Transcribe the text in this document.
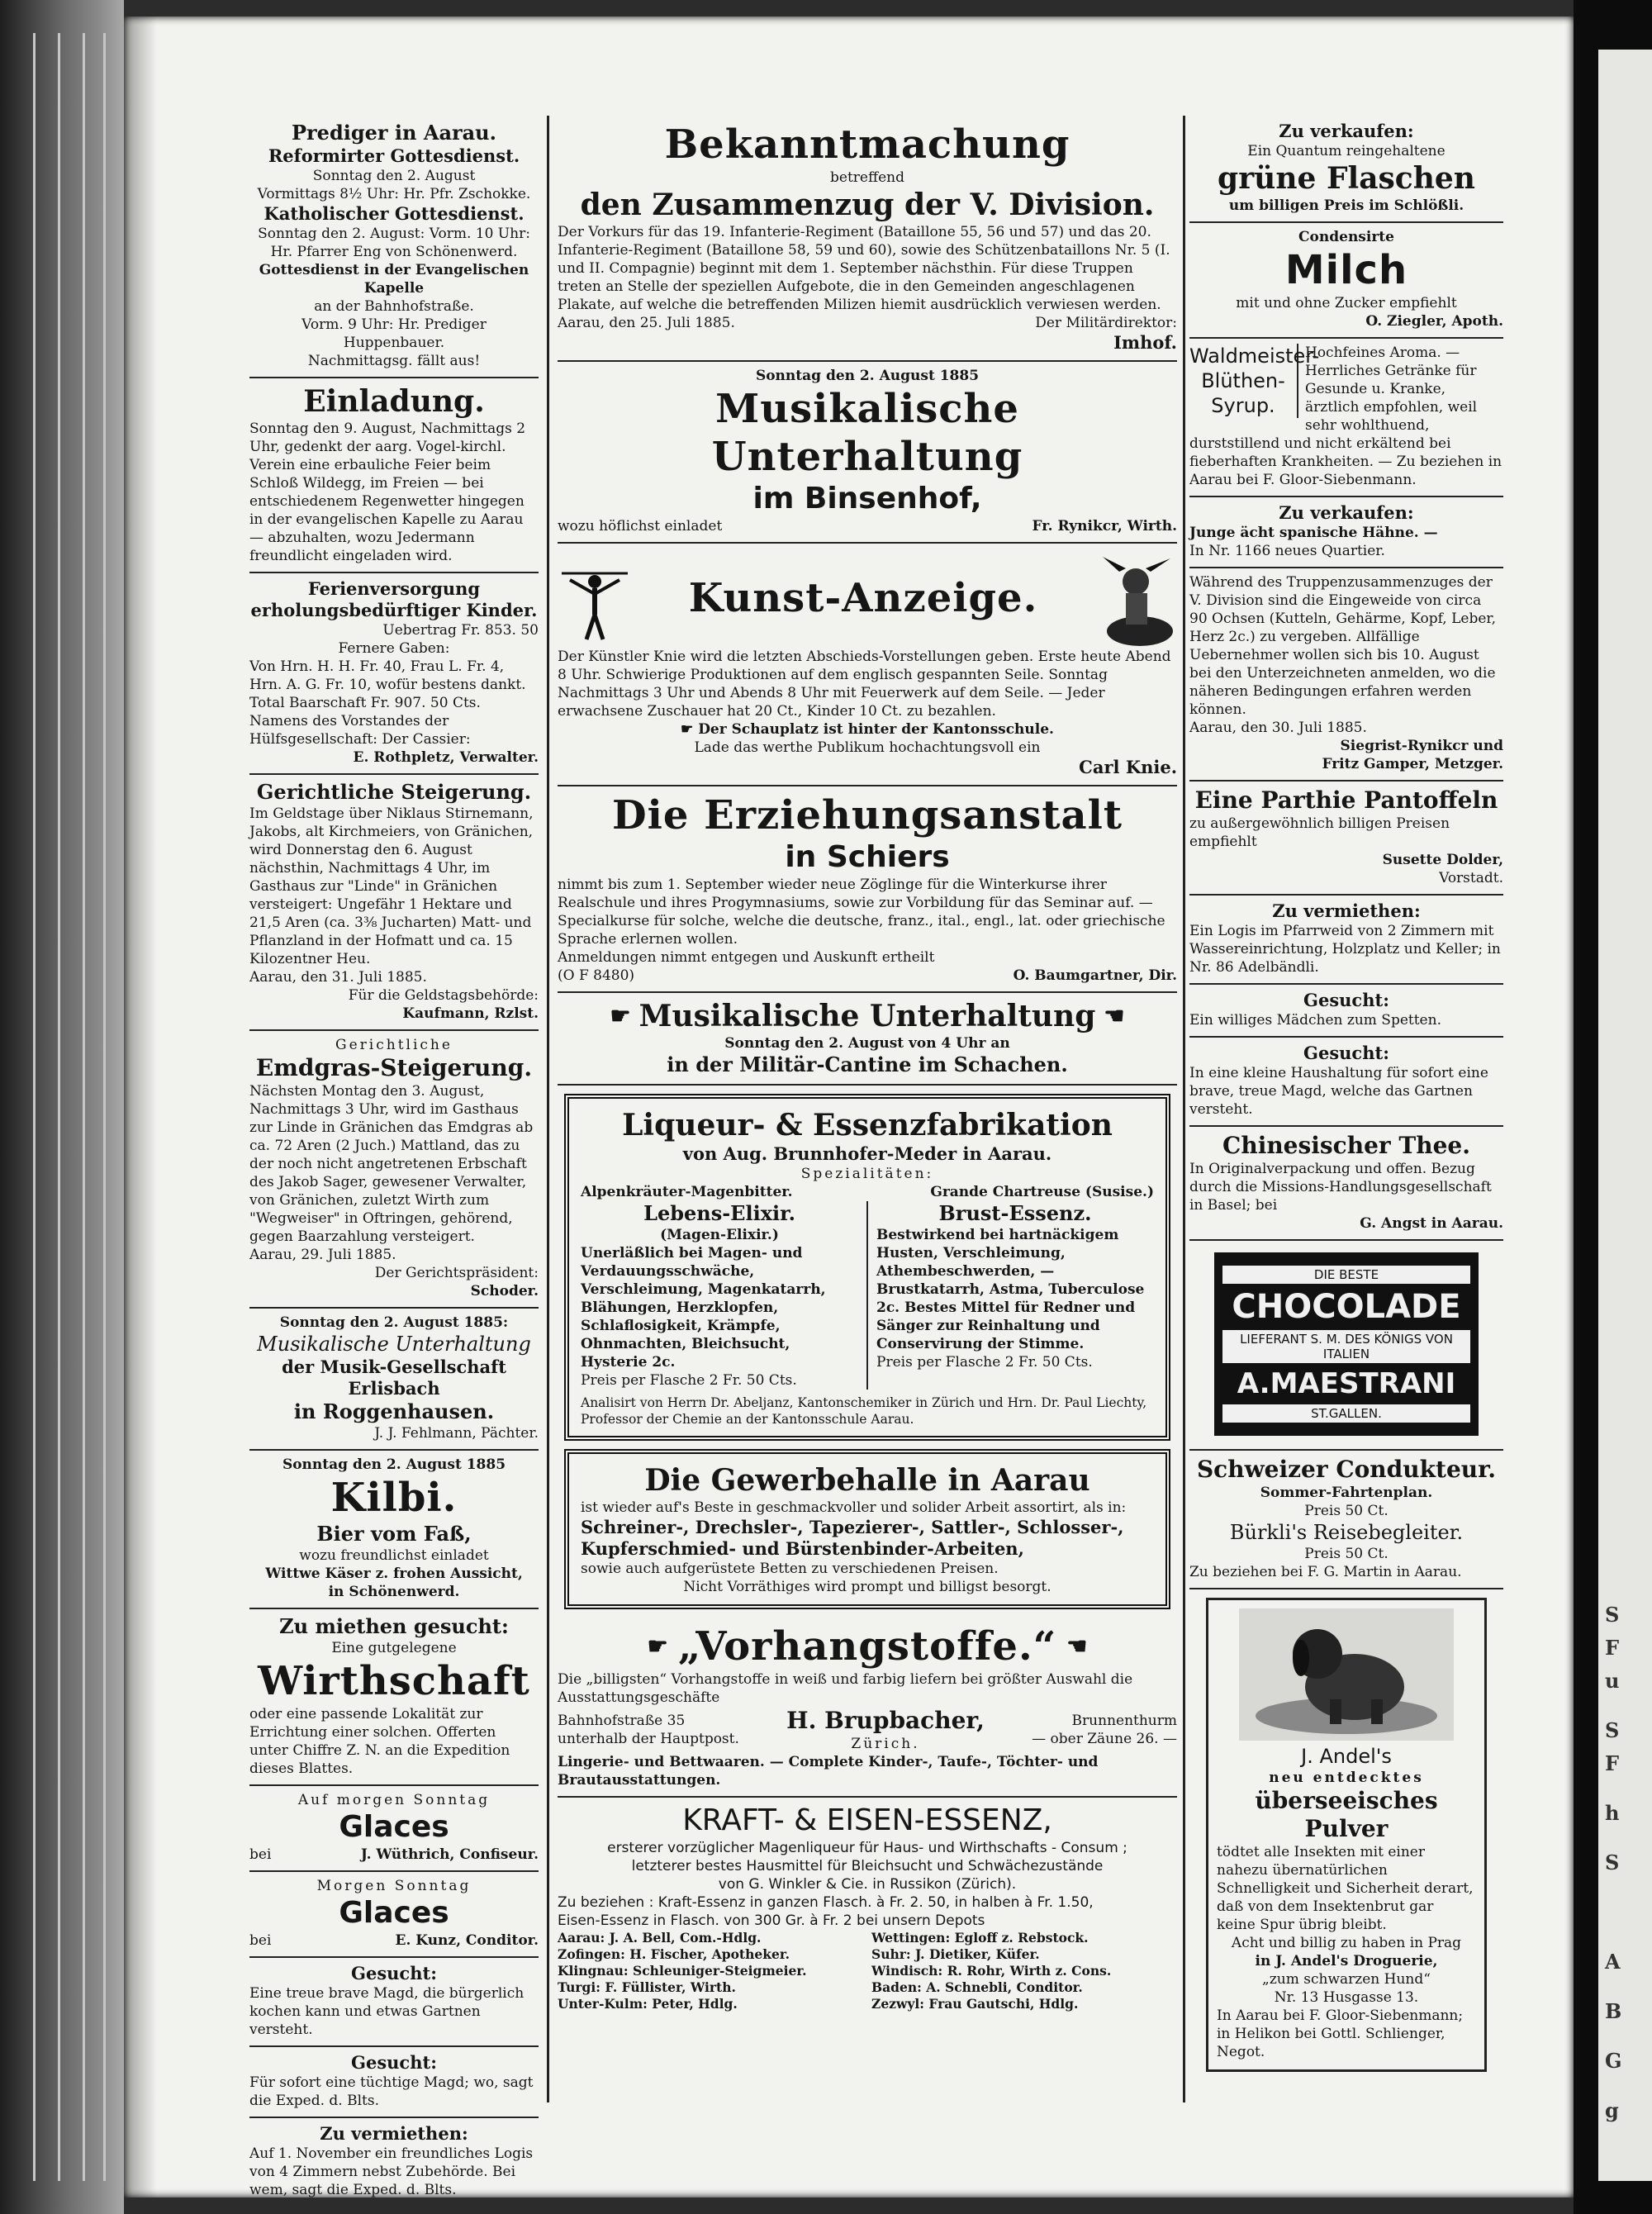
S
F
u
S
F
h
S
A
B
G
g
Prediger in Aarau.
Reformirter Gottesdienst.
Sonntag den 2. August
Vormittags 8½ Uhr: Hr. Pfr. Zschokke.
Katholischer Gottesdienst.
Sonntag den 2. August: Vorm. 10 Uhr:
Hr. Pfarrer Eng von Schönenwerd.
Gottesdienst in der Evangelischen Kapelle
an der Bahnhofstraße.
Vorm. 9 Uhr: Hr. Prediger Huppenbauer.
Nachmittagsg. fällt aus!
Einladung.
Sonntag den 9. August, Nachmittags 2 Uhr, gedenkt der aarg. Vogel-kirchl. Verein eine erbauliche Feier beim Schloß Wildegg, im Freien — bei entschiedenem Regenwetter hingegen in der evangelischen Kapelle zu Aarau — abzuhalten, wozu Jedermann freundlicht eingeladen wird.
Ferienversorgung erholungsbedürftiger Kinder.
Uebertrag Fr. 853. 50
Fernere Gaben:
Von Hrn. H. H. Fr. 40, Frau L. Fr. 4, Hrn. A. G. Fr. 10, wofür bestens dankt.
Total Baarschaft Fr. 907. 50 Cts.
Namens des Vorstandes der Hülfsgesellschaft: Der Cassier:
E. Rothpletz, Verwalter.
Gerichtliche Steigerung.
Im Geldstage über Niklaus Stirnemann, Jakobs, alt Kirchmeiers, von Gränichen, wird Donnerstag den 6. August nächsthin, Nachmittags 4 Uhr, im Gasthaus zur "Linde" in Gränichen versteigert: Ungefähr 1 Hektare und 21,5 Aren (ca. 3⅜ Jucharten) Matt- und Pflanzland in der Hofmatt und ca. 15 Kilozentner Heu.
Aarau, den 31. Juli 1885.
Für die Geldstagsbehörde:
Kaufmann, Rzlst.
Gerichtliche
Emdgras-Steigerung.
Nächsten Montag den 3. August, Nachmittags 3 Uhr, wird im Gasthaus zur Linde in Gränichen das Emdgras ab ca. 72 Aren (2 Juch.) Mattland, das zu der noch nicht angetretenen Erbschaft des Jakob Sager, gewesener Verwalter, von Gränichen, zuletzt Wirth zum "Wegweiser" in Oftringen, gehörend, gegen Baarzahlung versteigert.
Aarau, 29. Juli 1885.
Der Gerichtspräsident:
Schoder.
Sonntag den 2. August 1885:
Musikalische Unterhaltung
der Musik-Gesellschaft Erlisbach
in Roggenhausen.
J. J. Fehlmann, Pächter.
Sonntag den 2. August 1885
Kilbi.
Bier vom Faß,
wozu freundlichst einladet
Wittwe Käser z. frohen Aussicht,
in Schönenwerd.
Zu miethen gesucht:
Eine gutgelegene
Wirthschaft
oder eine passende Lokalität zur Errichtung einer solchen. Offerten unter Chiffre Z. N. an die Expedition dieses Blattes.
Auf morgen Sonntag
Glaces
bei	J. Wüthrich, Confiseur.
Morgen Sonntag
Glaces
bei	E. Kunz, Conditor.
Gesucht:
Eine treue brave Magd, die bürgerlich kochen kann und etwas Gartnen versteht.
Gesucht:
Für sofort eine tüchtige Magd; wo, sagt die Exped. d. Blts.
Zu vermiethen:
Auf 1. November ein freundliches Logis von 4 Zimmern nebst Zubehörde. Bei wem, sagt die Exped. d. Blts.
Bekanntmachung
betreffend
den Zusammenzug der V. Division.
Der Vorkurs für das 19. Infanterie-Regiment (Bataillone 55, 56 und 57) und das 20. Infanterie-Regiment (Bataillone 58, 59 und 60), sowie des Schützenbataillons Nr. 5 (I. und II. Compagnie) beginnt mit dem 1. September nächsthin. Für diese Truppen treten an Stelle der speziellen Aufgebote, die in den Gemeinden angeschlagenen Plakate, auf welche die betreffenden Milizen hiemit ausdrücklich verwiesen werden.
Aarau, den 25. Juli 1885.	Der Militärdirektor:
Imhof.
Sonntag den 2. August 1885
Musikalische Unterhaltung
im Binsenhof,
wozu höflichst einladet	Fr. Rynikcr, Wirth.
Kunst-Anzeige.
Der Künstler Knie wird die letzten Abschieds-Vorstellungen geben. Erste heute Abend 8 Uhr. Schwierige Produktionen auf dem englisch gespannten Seile. Sonntag Nachmittags 3 Uhr und Abends 8 Uhr mit Feuerwerk auf dem Seile. — Jeder erwachsene Zuschauer hat 20 Ct., Kinder 10 Ct. zu bezahlen.
☛ Der Schauplatz ist hinter der Kantonsschule.
Lade das werthe Publikum hochachtungsvoll ein
Carl Knie.
Die Erziehungsanstalt
in Schiers
nimmt bis zum 1. September wieder neue Zöglinge für die Winterkurse ihrer Realschule und ihres Progymnasiums, sowie zur Vorbildung für das Seminar auf. — Specialkurse für solche, welche die deutsche, franz., ital., engl., lat. oder griechische Sprache erlernen wollen.
Anmeldungen nimmt entgegen und Auskunft ertheilt
(O F 8480)	O. Baumgartner, Dir.
☛ Musikalische Unterhaltung ☚
Sonntag den 2. August von 4 Uhr an
in der Militär-Cantine im Schachen.
Liqueur- & Essenzfabrikation
von Aug. Brunnhofer-Meder in Aarau.
Spezialitäten:
Alpenkräuter-Magenbitter.	Grande Chartreuse (Susise.)
Lebens-Elixir.
(Magen-Elixir.)
Unerläßlich bei Magen- und Verdauungsschwäche, Verschleimung, Magenkatarrh, Blähungen, Herzklopfen, Schlaflosigkeit, Krämpfe, Ohnmachten, Bleichsucht, Hysterie 2c.
Preis per Flasche 2 Fr. 50 Cts.
Brust-Essenz.
Bestwirkend bei hartnäckigem Husten, Verschleimung, Athembeschwerden, — Brustkatarrh, Astma, Tuberculose 2c. Bestes Mittel für Redner und Sänger zur Reinhaltung und Conservirung der Stimme.
Preis per Flasche 2 Fr. 50 Cts.
Analisirt von Herrn Dr. Abeljanz, Kantonschemiker in Zürich und Hrn. Dr. Paul Liechty, Professor der Chemie an der Kantonsschule Aarau.
Die Gewerbehalle in Aarau
ist wieder auf's Beste in geschmackvoller und solider Arbeit assortirt, als in:
Schreiner-, Drechsler-, Tapezierer-, Sattler-, Schlosser-, Kupferschmied- und Bürstenbinder-Arbeiten,
sowie auch aufgerüstete Betten zu verschiedenen Preisen.
Nicht Vorräthiges wird prompt und billigst besorgt.
☛ „Vorhangstoffe.“ ☚
Die „billigsten“ Vorhangstoffe in weiß und farbig liefern bei größter Auswahl die Ausstattungsgeschäfte
Bahnhofstraße 35
unterhalb der Hauptpost.
H. Brupbacher,
Zürich.
Brunnenthurm
— ober Zäune 26. —
Lingerie- und Bettwaaren. — Complete Kinder-, Taufe-, Töchter- und Brautausstattungen.
KRAFT- & EISEN-ESSENZ,
ersterer vorzüglicher Magenliqueur für Haus- und Wirthschafts - Consum ;
letzterer bestes Hausmittel für Bleichsucht und Schwächezustände
von G. Winkler & Cie. in Russikon (Zürich).
Zu beziehen : Kraft-Essenz in ganzen Flasch. à Fr. 2. 50, in halben à Fr. 1.50,
Eisen-Essenz in Flasch. von 300 Gr. à Fr. 2 bei unsern Depots
Aarau: J. A. Bell, Com.-Hdlg.
Zofingen: H. Fischer, Apotheker.
Klingnau: Schleuniger-Steigmeier.
Turgi: F. Füllister, Wirth.
Unter-Kulm: Peter, Hdlg.
Wettingen: Egloff z. Rebstock.
Suhr: J. Dietiker, Küfer.
Windisch: R. Rohr, Wirth z. Cons.
Baden: A. Schnebli, Conditor.
Zezwyl: Frau Gautschi, Hdlg.
Zu verkaufen:
Ein Quantum reingehaltene
grüne Flaschen
um billigen Preis im Schlößli.
Condensirte
Milch
mit und ohne Zucker empfiehlt
O. Ziegler, Apoth.
Waldmeister-
Blüthen-
Syrup.
Hochfeines Aroma. — Herrliches Getränke für Gesunde u. Kranke, ärztlich empfohlen, weil sehr wohlthuend, durststillend und nicht erkältend bei fieberhaften Krankheiten. — Zu beziehen in Aarau bei F. Gloor-Siebenmann.
Zu verkaufen:
Junge ächt spanische Hähne. —
In Nr. 1166 neues Quartier.
Während des Truppenzusammenzuges der V. Division sind die Eingeweide von circa 90 Ochsen (Kutteln, Gehärme, Kopf, Leber, Herz 2c.) zu vergeben. Allfällige Uebernehmer wollen sich bis 10. August bei den Unterzeichneten anmelden, wo die näheren Bedingungen erfahren werden können.
Aarau, den 30. Juli 1885.
Siegrist-Rynikcr und
Fritz Gamper, Metzger.
Eine Parthie Pantoffeln
zu außergewöhnlich billigen Preisen empfiehlt
Susette Dolder,
Vorstadt.
Zu vermiethen:
Ein Logis im Pfarrweid von 2 Zimmern mit Wassereinrichtung, Holzplatz und Keller; in Nr. 86 Adelbändli.
Gesucht:
Ein williges Mädchen zum Spetten.
Gesucht:
In eine kleine Haushaltung für sofort eine brave, treue Magd, welche das Gartnen versteht.
Chinesischer Thee.
In Originalverpackung und offen. Bezug durch die Missions-Handlungsgesellschaft in Basel; bei
G. Angst in Aarau.
DIE BESTE
CHOCOLADE
LIEFERANT S. M. DES KÖNIGS VON ITALIEN
A.MAESTRANI
ST.GALLEN.
Schweizer Condukteur.
Sommer-Fahrtenplan.
Preis 50 Ct.
Bürkli's Reisebegleiter.
Preis 50 Ct.
Zu beziehen bei F. G. Martin in Aarau.
J. Andel's
neu entdecktes
überseeisches Pulver
tödtet alle Insekten mit einer nahezu übernatürlichen Schnelligkeit und Sicherheit derart, daß von dem Insektenbrut gar keine Spur übrig bleibt.
Acht und billig zu haben in Prag
in J. Andel's Droguerie,
„zum schwarzen Hund“
Nr. 13 Husgasse 13.
In Aarau bei F. Gloor-Siebenmann; in Helikon bei Gottl. Schlienger, Negot.
